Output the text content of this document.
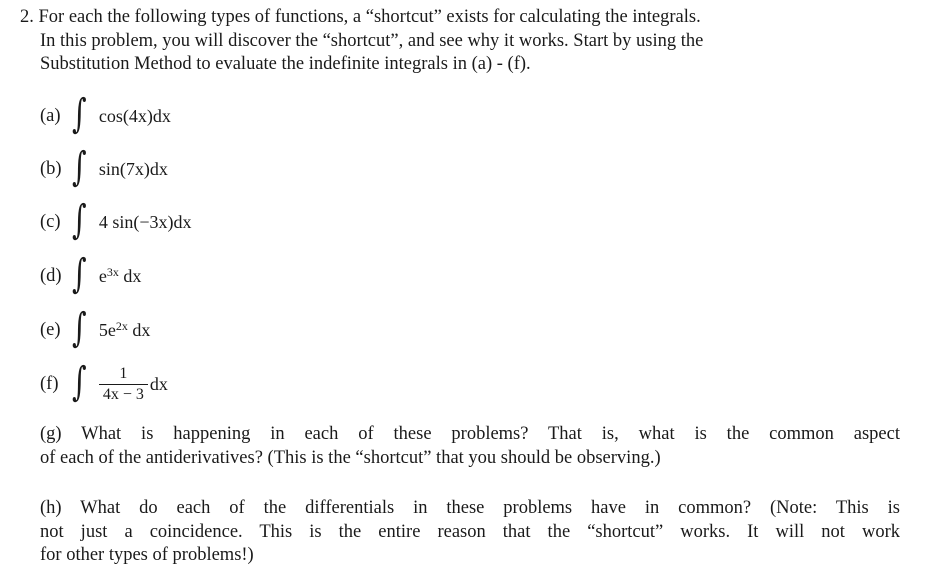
2. For each the following types of functions, a “shortcut” exists for calculating the integrals.
In this problem, you will discover the “shortcut”, and see why it works. Start by using the
Substitution Method to evaluate the indefinite integrals in (a) - (f).
(a) ∫ cos(4x)dx
(b) ∫ sin(7x)dx
(c) ∫ 4 sin(−3x)dx
(d) ∫ $e^{3x}$
dx
(e) ∫ $5e^{2x}$
dx
(f) ∫ $\frac{1}{4x - 3}$ dx
(g) What is happening in each of these problems? That is, what is the common aspect
of each of the antiderivatives? (This is the “shortcut” that you should be observing.)
(h) What do each of the differentials in these problems have in common? (Note: This is
not just a coincidence. This is the entire reason that the “shortcut” works. It will not work
for other types of problems!)
